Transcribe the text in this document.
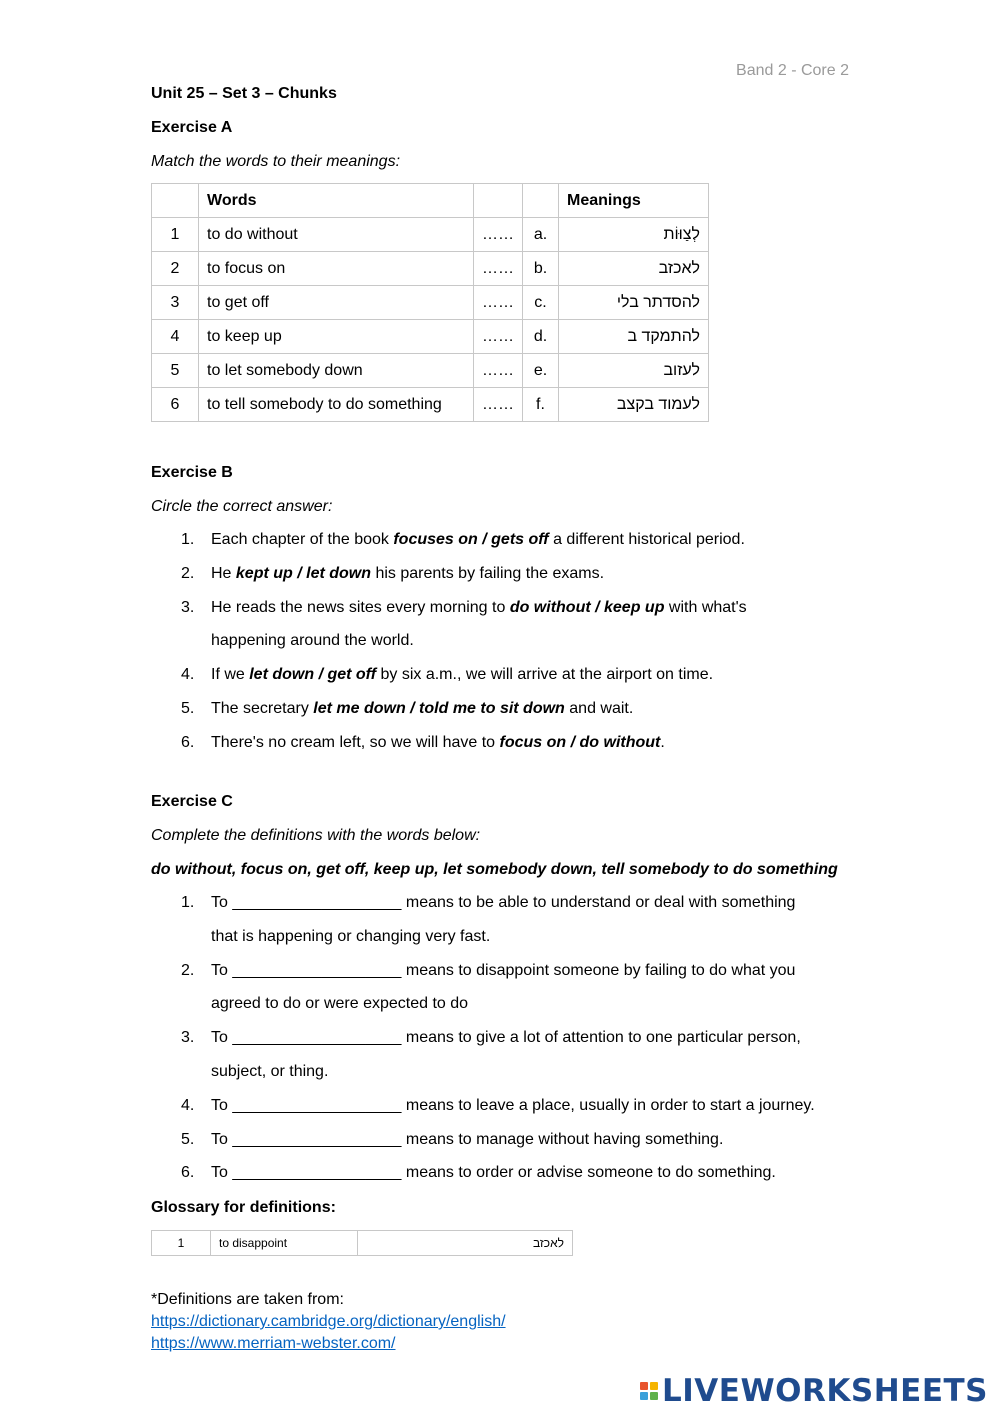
Band 2 - Core 2
Unit 25 – Set 3 – Chunks
Exercise A
Match the words to their meanings:
	Words			Meanings
1	to do without	……	a.	לְצַוּוֹת
2	to focus on	……	b.	לאכזב
3	to get off	……	c.	להסדתר בלי
4	to keep up	……	d.	להתמקד ב
5	to let somebody down	……	e.	לעזוב
6	to tell somebody to do something	……	f.	לעמוד בקצב
Exercise B
Circle the correct answer:
1. Each chapter of the book focuses on / gets off a different historical period.
2. He kept up / let down his parents by failing the exams.
3. He reads the news sites every morning to do without / keep up with what's
happening around the world.
4. If we let down / get off by six a.m., we will arrive at the airport on time.
5. The secretary let me down / told me to sit down and wait.
6. There's no cream left, so we will have to focus on / do without.
Exercise C
Complete the definitions with the words below:
do without, focus on, get off, keep up, let somebody down, tell somebody to do something
1. To ___________________ means to be able to understand or deal with something
that is happening or changing very fast.
2. To ___________________ means to disappoint someone by failing to do what you
agreed to do or were expected to do
3. To ___________________ means to give a lot of attention to one particular person,
subject, or thing.
4. To ___________________ means to leave a place, usually in order to start a journey.
5. To ___________________ means to manage without having something.
6. To ___________________ means to order or advise someone to do something.
Glossary for definitions:
1	to disappoint	לאכזב
*Definitions are taken from:
https://dictionary.cambridge.org/dictionary/english/
https://www.merriam-webster.com/
LIVEWORKSHEETS
